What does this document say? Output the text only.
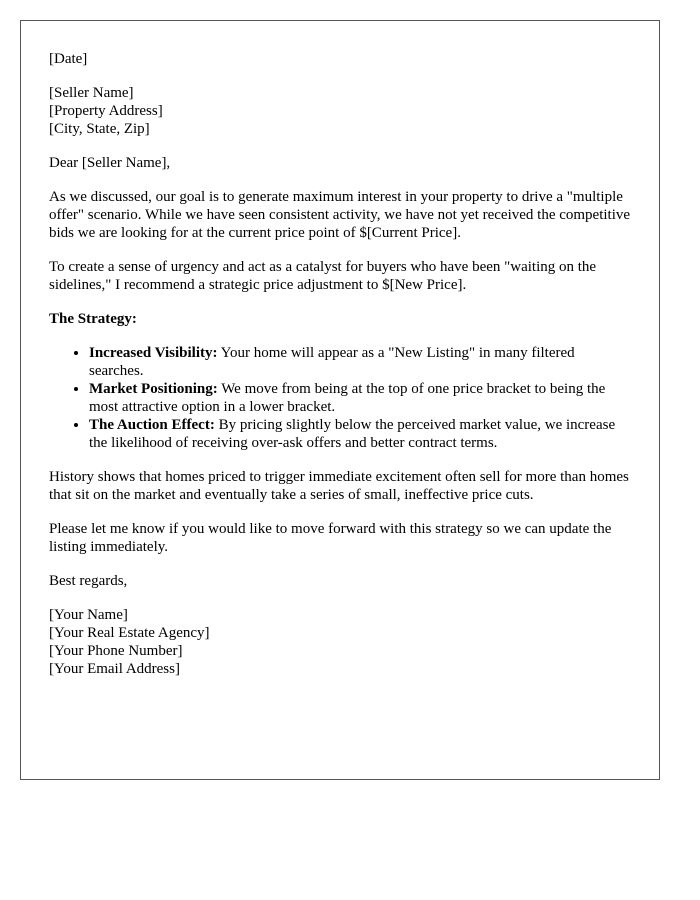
[Date]

[Seller Name]
[Property Address]
[City, State, Zip]

Dear [Seller Name],

As we discussed, our goal is to generate maximum interest in your property to drive a "multiple offer" scenario. While we have seen consistent activity, we have not yet received the competitive bids we are looking for at the current price point of $[Current Price].

To create a sense of urgency and act as a catalyst for buyers who have been "waiting on the sidelines," I recommend a strategic price adjustment to $[New Price].

The Strategy:

• Increased Visibility: Your home will appear as a "New Listing" in many filtered searches.
• Market Positioning: We move from being at the top of one price bracket to being the most attractive option in a lower bracket.
• The Auction Effect: By pricing slightly below the perceived market value, we increase the likelihood of receiving over-ask offers and better contract terms.

History shows that homes priced to trigger immediate excitement often sell for more than homes that sit on the market and eventually take a series of small, ineffective price cuts.

Please let me know if you would like to move forward with this strategy so we can update the listing immediately.

Best regards,

[Your Name]
[Your Real Estate Agency]
[Your Phone Number]
[Your Email Address]
